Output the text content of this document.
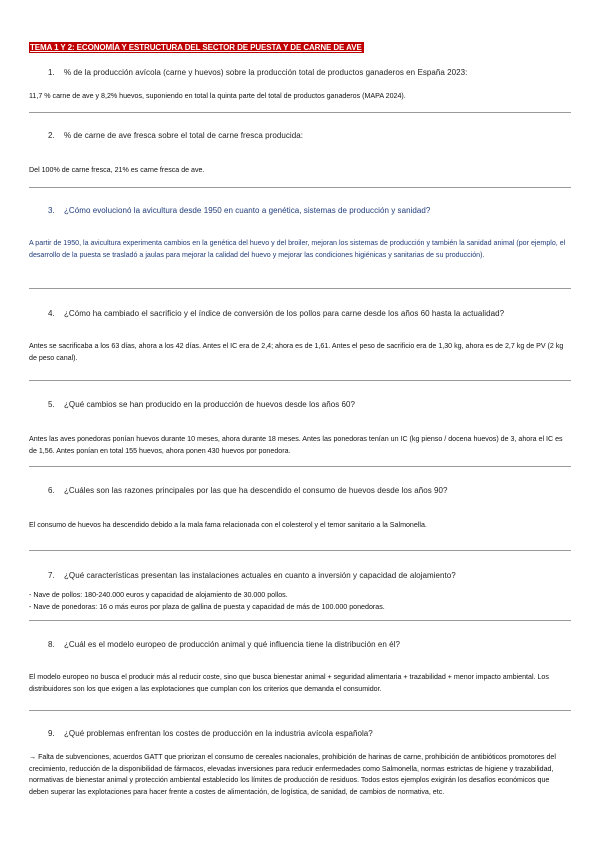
TEMA 1 Y 2: ECONOMÍA Y ESTRUCTURA DEL SECTOR DE PUESTA Y DE CARNE DE AVE
1. % de la producción avícola (carne y huevos) sobre la producción total de productos ganaderos en España 2023:

11,7 % carne de ave y 8,2% huevos, suponiendo en total la quinta parte del total de productos ganaderos (MAPA 2024).

2. % de carne de ave fresca sobre el total de carne fresca producida:

Del 100% de carne fresca, 21% es carne fresca de ave.

3. ¿Cómo evolucionó la avicultura desde 1950 en cuanto a genética, sistemas de producción y sanidad?

A partir de 1950, la avicultura experimenta cambios en la genética del huevo y del broiler, mejoran los sistemas de producción y también la sanidad animal (por ejemplo, el desarrollo de la puesta se trasladó a jaulas para mejorar la calidad del huevo y mejorar las condiciones higiénicas y sanitarias de su producción).

4. ¿Cómo ha cambiado el sacrificio y el índice de conversión de los pollos para carne desde los años 60 hasta la actualidad?

Antes se sacrificaba a los 63 días, ahora a los 42 días. Antes el IC era de 2,4; ahora es de 1,61. Antes el peso de sacrificio era de 1,30 kg, ahora es de 2,7 kg de PV (2 kg de peso canal).

5. ¿Qué cambios se han producido en la producción de huevos desde los años 60?

Antes las aves ponedoras ponían huevos durante 10 meses, ahora durante 18 meses. Antes las ponedoras tenían un IC (kg pienso / docena huevos) de 3, ahora el IC es de 1,56. Antes ponían en total 155 huevos, ahora ponen 430 huevos por ponedora.

6. ¿Cuáles son las razones principales por las que ha descendido el consumo de huevos desde los años 90?

El consumo de huevos ha descendido debido a la mala fama relacionada con el colesterol y el temor sanitario a la Salmonella.

7. ¿Qué características presentan las instalaciones actuales en cuanto a inversión y capacidad de alojamiento?

- Nave de pollos: 180-240.000 euros y capacidad de alojamiento de 30.000 pollos.

- Nave de ponedoras: 16 o más euros por plaza de gallina de puesta y capacidad de más de 100.000 ponedoras.

8. ¿Cuál es el modelo europeo de producción animal y qué influencia tiene la distribución en él?

El modelo europeo no busca el producir más al reducir coste, sino que busca bienestar animal + seguridad alimentaria + trazabilidad + menor impacto ambiental. Los distribuidores son los que exigen a las explotaciones que cumplan con los criterios que demanda el consumidor.

9. ¿Qué problemas enfrentan los costes de producción en la industria avícola española?

→ Falta de subvenciones, acuerdos GATT que priorizan el consumo de cereales nacionales, prohibición de harinas de carne, prohibición de antibióticos promotores del crecimiento, reducción de la disponibilidad de fármacos, elevadas inversiones para reducir enfermedades como Salmonella, normas estrictas de higiene y trazabilidad, normativas de bienestar animal y protección ambiental establecido los límites de producción de residuos. Todos estos ejemplos exigirán los desafíos económicos que deben superar las explotaciones para hacer frente a costes de alimentación, de logística, de sanidad, de cambios de normativa, etc.
